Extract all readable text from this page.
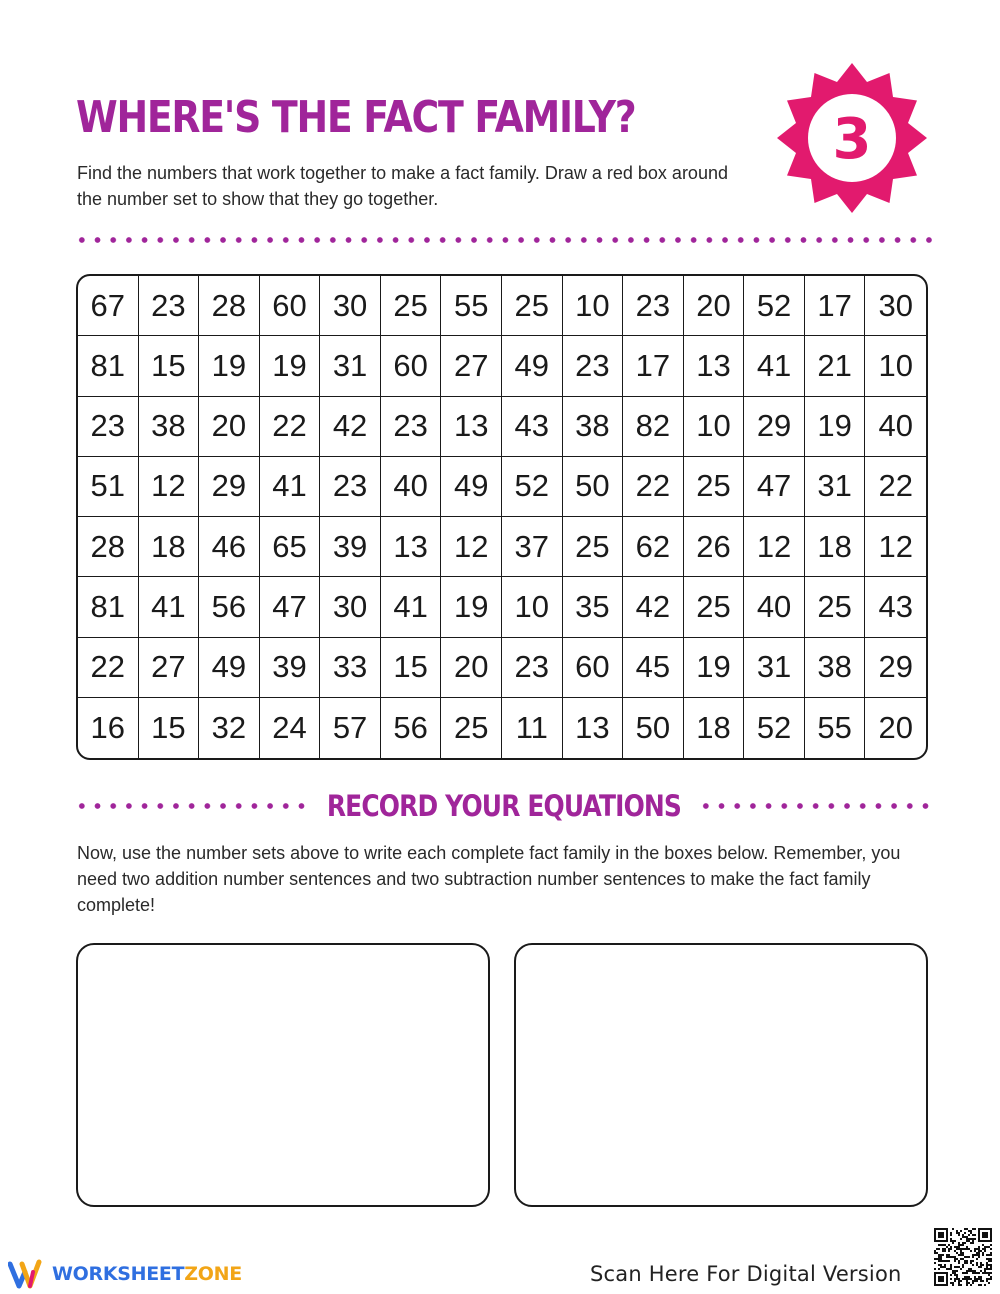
WHERE'S THE FACT FAMILY?
Find the numbers that work together to make a fact family. Draw a red box around the number set to show that they go together.
3
67 23 28 60 30 25 55 25 10 23 20 52 17 30
81 15 19 19 31 60 27 49 23 17 13 41 21 10
23 38 20 22 42 23 13 43 38 82 10 29 19 40
51 12 29 41 23 40 49 52 50 22 25 47 31 22
28 18 46 65 39 13 12 37 25 62 26 12 18 12
81 41 56 47 30 41 19 10 35 42 25 40 25 43
22 27 49 39 33 15 20 23 60 45 19 31 38 29
16 15 32 24 57 56 25 11 13 50 18 52 55 20
RECORD YOUR EQUATIONS
Now, use the number sets above to write each complete fact family in the boxes below. Remember, you need two addition number sentences and two subtraction number sentences to make the fact family complete!
WORKSHEETZONE	Scan Here For Digital Version
